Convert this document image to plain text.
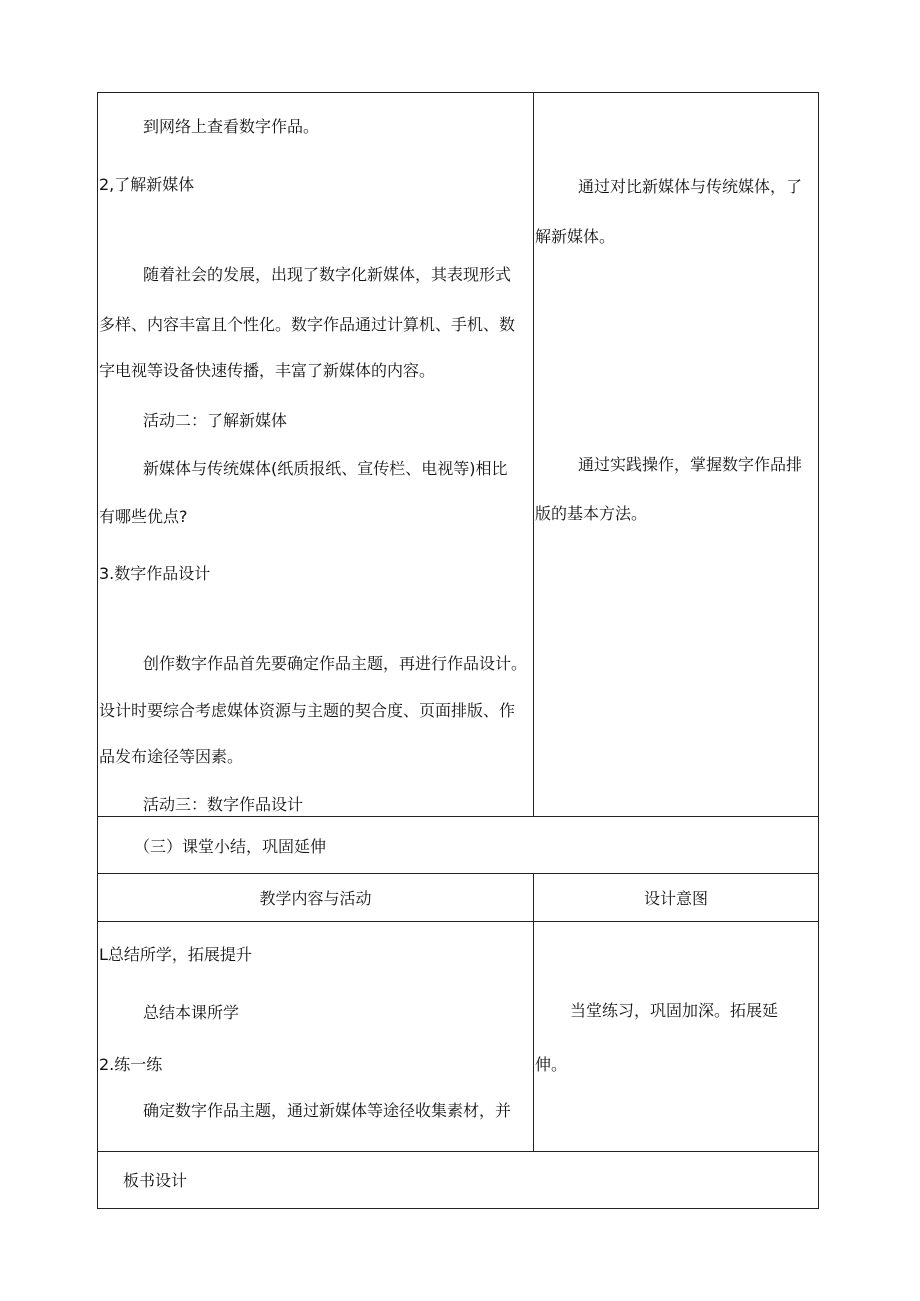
到网络上查看数字作品。
2,了解新媒体
随着社会的发展，出现了数字化新媒体，其表现形式
多样、内容丰富且个性化。数字作品通过计算机、手机、数
字电视等设备快速传播，丰富了新媒体的内容。
活动二：了解新媒体
新媒体与传统媒体(纸质报纸、宣传栏、电视等)相比
有哪些优点?
3.数字作品设计
创作数字作品首先要确定作品主题，再进行作品设计。
设计时要综合考虑媒体资源与主题的契合度、页面排版、作
品发布途径等因素。
活动三：数字作品设计
通过对比新媒体与传统媒体，了
解新媒体。
通过实践操作，掌握数字作品排
版的基本方法。
（三）课堂小结，巩固延伸
教学内容与活动	设计意图
L总结所学，拓展提升
总结本课所学
2.练一练
确定数字作品主题，通过新媒体等途径收集素材，并
当堂练习，巩固加深。拓展延
伸。
板书设计
